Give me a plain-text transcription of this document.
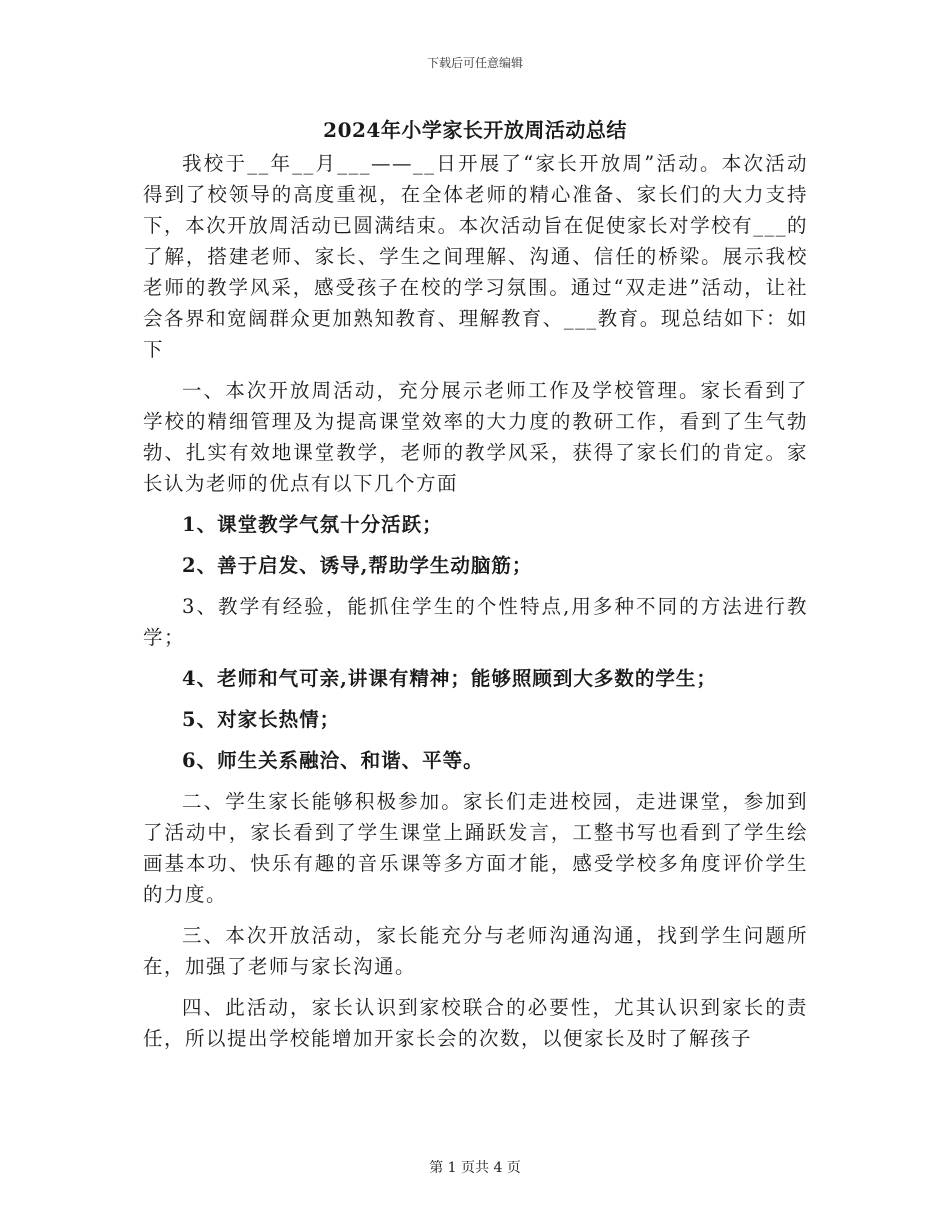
下载后可任意编辑
2024年小学家长开放周活动总结

我校于__年__月___——__日开展了“家长开放周”活动。本次活动得到了校领导的高度重视，在全体老师的精心准备、家长们的大力支持下，本次开放周活动已圆满结束。本次活动旨在促使家长对学校有___的了解，搭建老师、家长、学生之间理解、沟通、信任的桥梁。展示我校老师的教学风采，感受孩子在校的学习氛围。通过“双走进”活动，让社会各界和宽阔群众更加熟知教育、理解教育、___教育。现总结如下：如下

一、本次开放周活动，充分展示老师工作及学校管理。家长看到了学校的精细管理及为提高课堂效率的大力度的教研工作，看到了生气勃勃、扎实有效地课堂教学，老师的教学风采，获得了家长们的肯定。家长认为老师的优点有以下几个方面

1、课堂教学气氛十分活跃；

2、善于启发、诱导,帮助学生动脑筋；

3、教学有经验，能抓住学生的个性特点,用多种不同的方法进行教学；

4、老师和气可亲,讲课有精神；能够照顾到大多数的学生；

5、对家长热情；

6、师生关系融洽、和谐、平等。

二、学生家长能够积极参加。家长们走进校园，走进课堂，参加到了活动中，家长看到了学生课堂上踊跃发言，工整书写也看到了学生绘画基本功、快乐有趣的音乐课等多方面才能，感受学校多角度评价学生的力度。

三、本次开放活动，家长能充分与老师沟通沟通，找到学生问题所在，加强了老师与家长沟通。

四、此活动，家长认识到家校联合的必要性，尤其认识到家长的责任，所以提出学校能增加开家长会的次数，以便家长及时了解孩子

第 1 页共 4 页
